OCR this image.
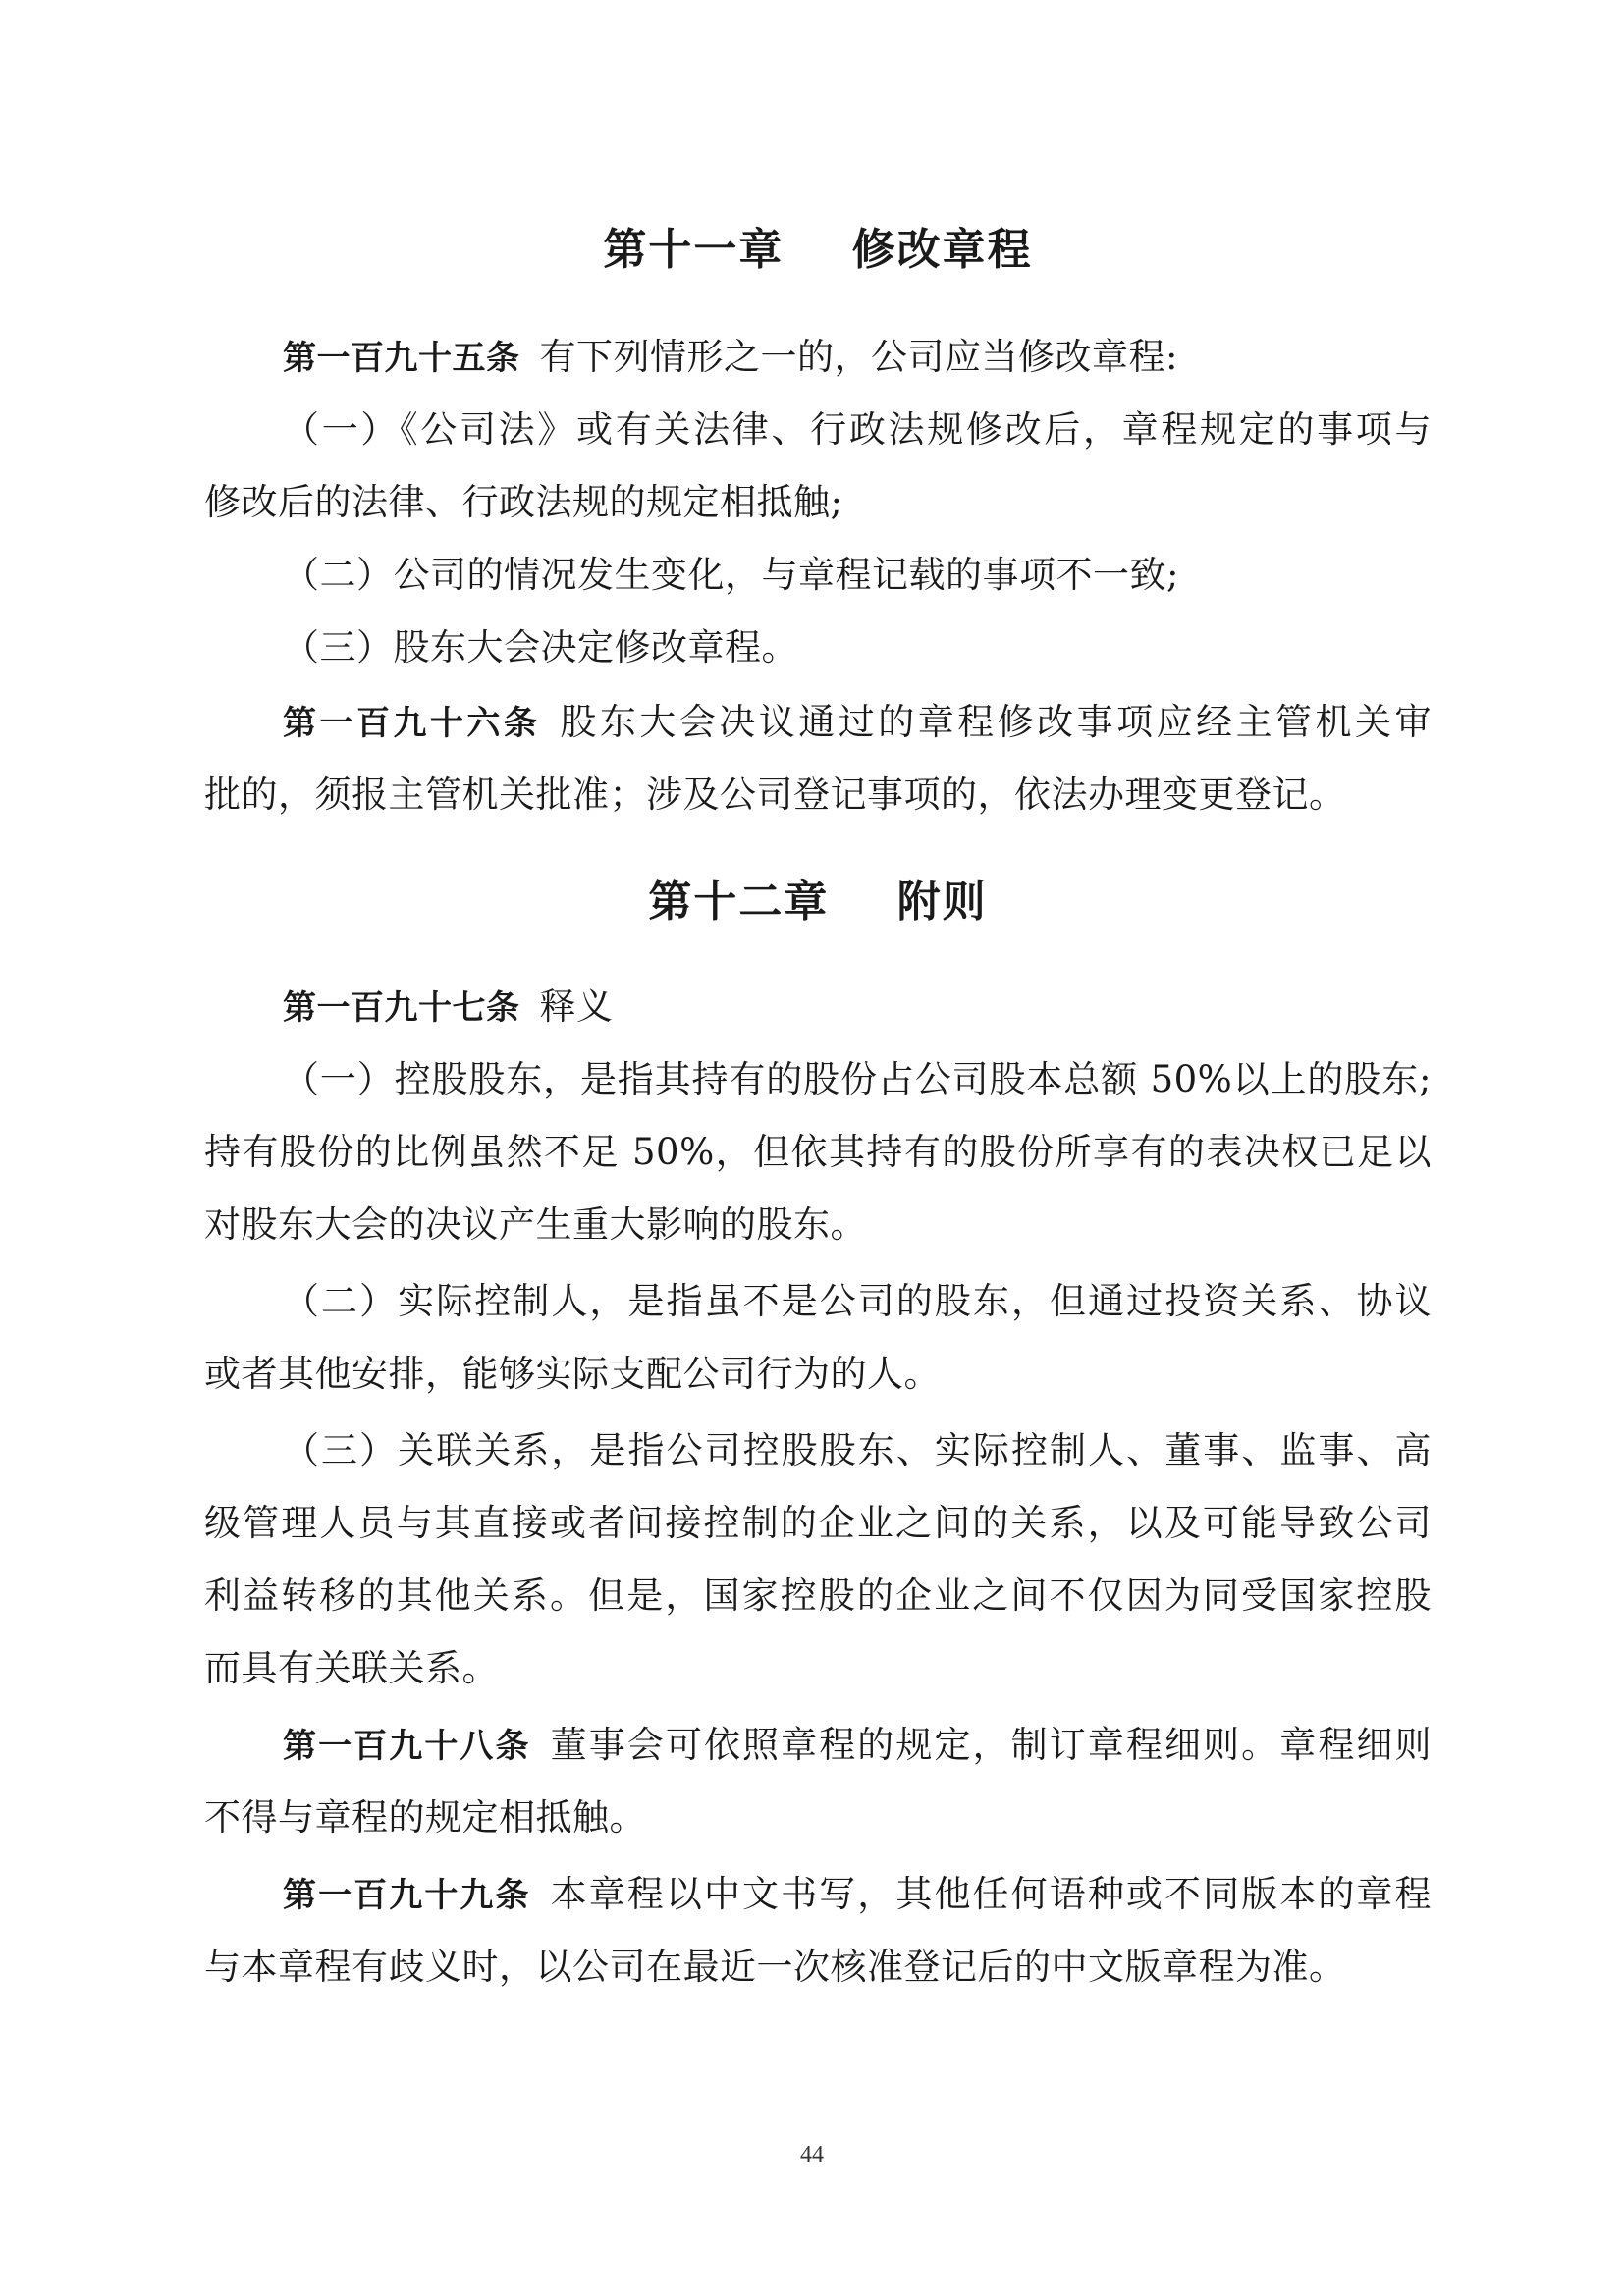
第十一章    修改章程
第一百九十五条 有下列情形之一的，公司应当修改章程:
（一）《公司法》或有关法律、行政法规修改后，章程规定的事项与
修改后的法律、行政法规的规定相抵触;
（二）公司的情况发生变化，与章程记载的事项不一致;
（三）股东大会决定修改章程。
第一百九十六条 股东大会决议通过的章程修改事项应经主管机关审
批的，须报主管机关批准；涉及公司登记事项的，依法办理变更登记。
第十二章    附则
第一百九十七条 释义
（一）控股股东，是指其持有的股份占公司股本总额 50%以上的股东;
持有股份的比例虽然不足 50%，但依其持有的股份所享有的表决权已足以
对股东大会的决议产生重大影响的股东。
（二）实际控制人，是指虽不是公司的股东，但通过投资关系、协议
或者其他安排，能够实际支配公司行为的人。
（三）关联关系，是指公司控股股东、实际控制人、董事、监事、高
级管理人员与其直接或者间接控制的企业之间的关系，以及可能导致公司
利益转移的其他关系。但是，国家控股的企业之间不仅因为同受国家控股
而具有关联关系。
第一百九十八条 董事会可依照章程的规定，制订章程细则。章程细则
不得与章程的规定相抵触。
第一百九十九条 本章程以中文书写，其他任何语种或不同版本的章程
与本章程有歧义时，以公司在最近一次核准登记后的中文版章程为准。
44
